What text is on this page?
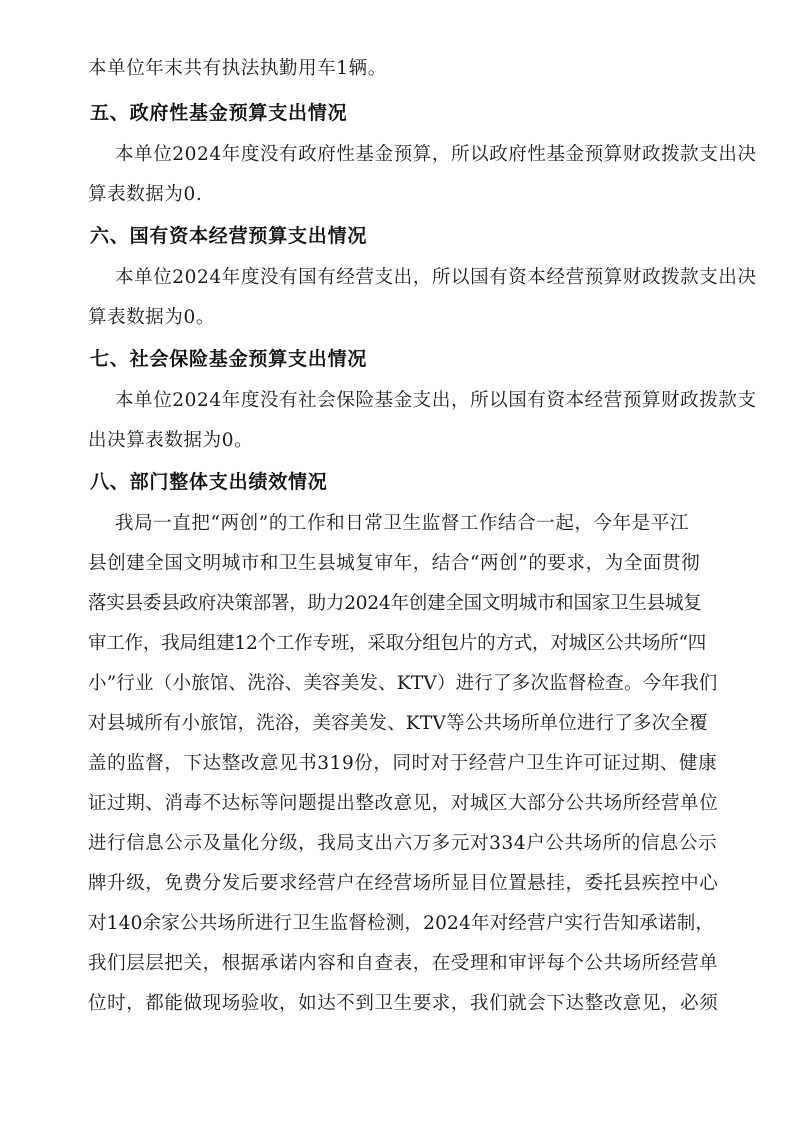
本单位年末共有执法执勤用车1辆。
五、政府性基金预算支出情况
本单位2024年度没有政府性基金预算，所以政府性基金预算财政拨款支出决
算表数据为0.
六、国有资本经营预算支出情况
本单位2024年度没有国有经营支出，所以国有资本经营预算财政拨款支出决
算表数据为0。
七、社会保险基金预算支出情况
本单位2024年度没有社会保险基金支出，所以国有资本经营预算财政拨款支
出决算表数据为0。
八、部门整体支出绩效情况
我局一直把“两创”的工作和日常卫生监督工作结合一起，今年是平江
县创建全国文明城市和卫生县城复审年，结合“两创”的要求，为全面贯彻
落实县委县政府决策部署，助力2024年创建全国文明城市和国家卫生县城复
审工作，我局组建12个工作专班，采取分组包片的方式，对城区公共场所“四
小”行业（小旅馆、洗浴、美容美发、KTV）进行了多次监督检查。今年我们
对县城所有小旅馆，洗浴，美容美发、KTV等公共场所单位进行了多次全覆
盖的监督，下达整改意见书319份，同时对于经营户卫生许可证过期、健康
证过期、消毒不达标等问题提出整改意见，对城区大部分公共场所经营单位
进行信息公示及量化分级，我局支出六万多元对334户公共场所的信息公示
牌升级，免费分发后要求经营户在经营场所显目位置悬挂，委托县疾控中心
对140余家公共场所进行卫生监督检测，2024年对经营户实行告知承诺制，
我们层层把关，根据承诺内容和自查表，在受理和审评每个公共场所经营单
位时，都能做现场验收，如达不到卫生要求，我们就会下达整改意见，必须
